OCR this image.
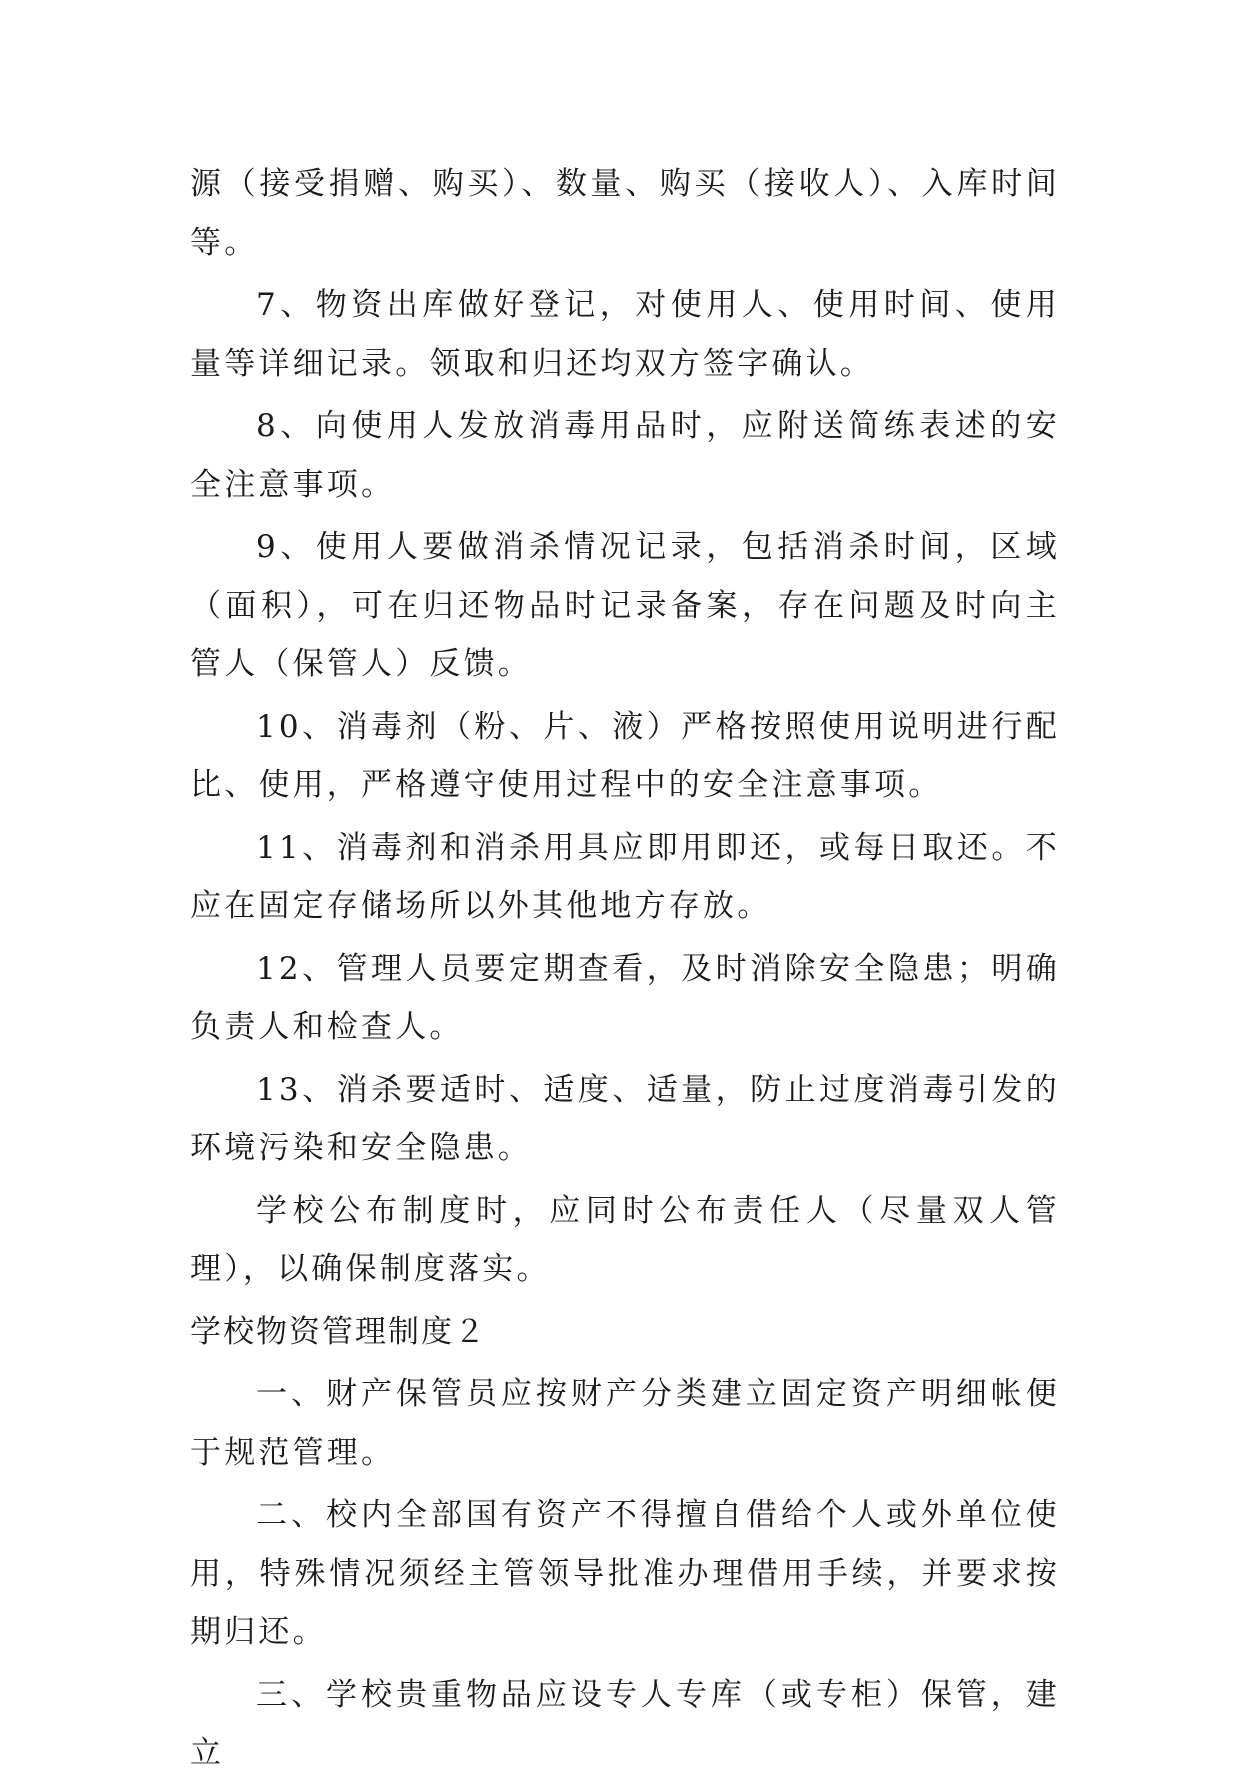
源（接受捐赠、购买）、数量、购买（接收人）、入库时间等。

7、物资出库做好登记，对使用人、使用时间、使用量等详细记录。领取和归还均双方签字确认。

8、向使用人发放消毒用品时，应附送简练表述的安全注意事项。

9、使用人要做消杀情况记录，包括消杀时间，区域（面积），可在归还物品时记录备案，存在问题及时向主管人（保管人）反馈。

10、消毒剂（粉、片、液）严格按照使用说明进行配比、使用，严格遵守使用过程中的安全注意事项。

11、消毒剂和消杀用具应即用即还，或每日取还。不应在固定存储场所以外其他地方存放。

12、管理人员要定期查看，及时消除安全隐患；明确负责人和检查人。

13、消杀要适时、适度、适量，防止过度消毒引发的环境污染和安全隐患。

学校公布制度时，应同时公布责任人（尽量双人管理），以确保制度落实。

学校物资管理制度２

一、财产保管员应按财产分类建立固定资产明细帐便于规范管理。

二、校内全部国有资产不得擅自借给个人或外单位使用，特殊情况须经主管领导批准办理借用手续，并要求按期归还。

三、学校贵重物品应设专人专库（或专柜）保管，建立
